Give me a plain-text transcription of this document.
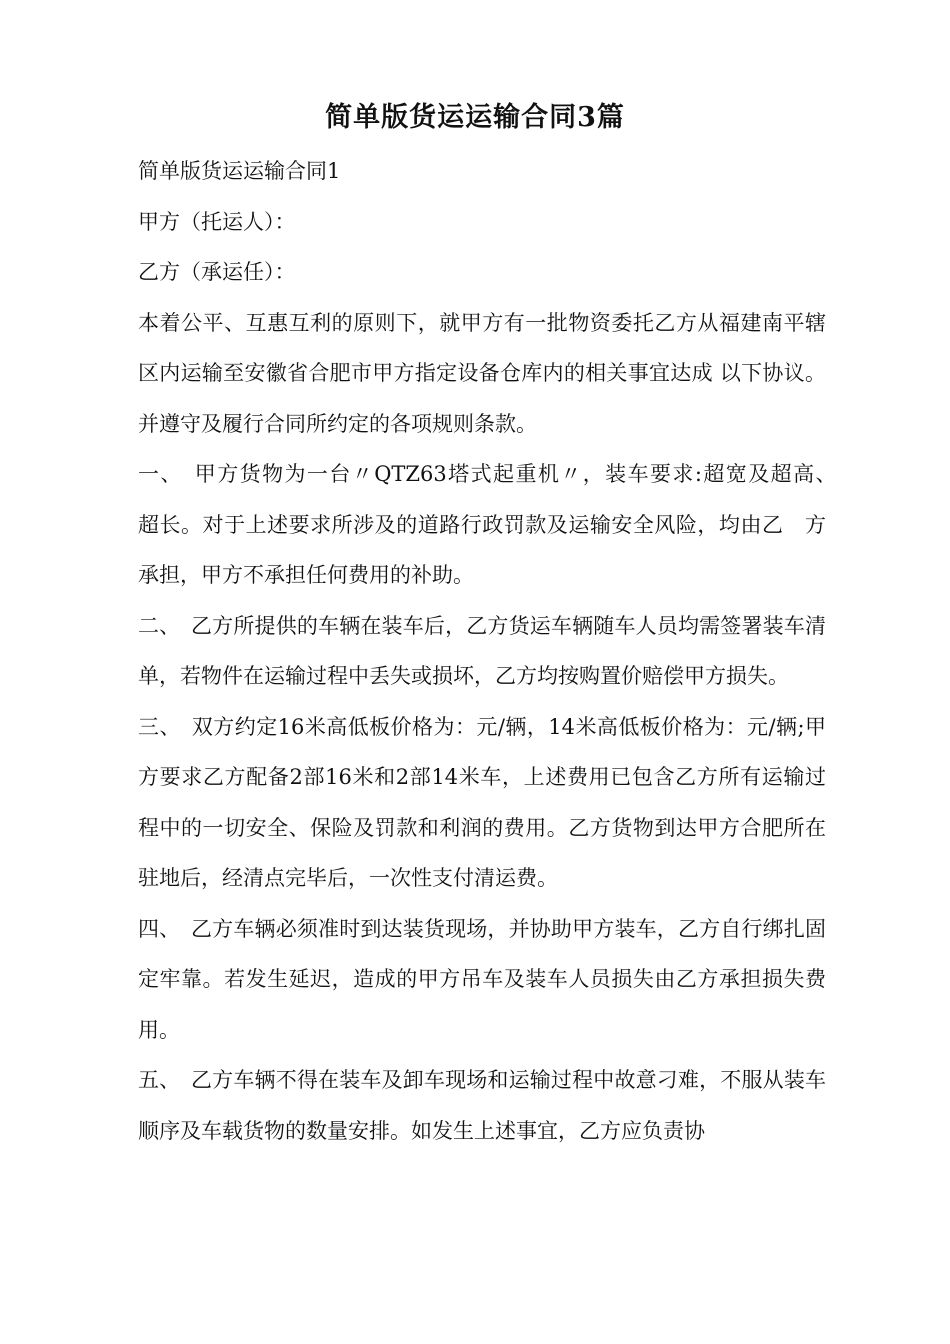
简单版货运运输合同3篇

简单版货运运输合同1

甲方（托运人）：

乙方（承运任）：

本着公平、互惠互利的原则下，就甲方有一批物资委托乙方从福建南平辖区内运输至安徽省合肥市甲方指定设备仓库内的相关事宜达成 以下协议。并遵守及履行合同所约定的各项规则条款。

一、　甲方货物为一台〃QTZ63塔式起重机〃，装车要求:超宽及超高、　超长。对于上述要求所涉及的道路行政罚款及运输安全风险，均由乙　方承担，甲方不承担任何费用的补助。

二、　乙方所提供的车辆在装车后，乙方货运车辆随车人员均需签署装车清单，若物件在运输过程中丢失或损坏，乙方均按购置价赔偿甲方损失。

三、　双方约定16米高低板价格为：元/辆，14米高低板价格为：元/辆;甲方要求乙方配备2部16米和2部14米车，上述费用已包含乙方所有运输过程中的一切安全、保险及罚款和利润的费用。乙方货物到达甲方合肥所在驻地后，经清点完毕后，一次性支付清运费。

四、　乙方车辆必须准时到达装货现场，并协助甲方装车，乙方自行绑扎固定牢靠。若发生延迟，造成的甲方吊车及装车人员损失由乙方承担损失费用。

五、　乙方车辆不得在装车及卸车现场和运输过程中故意刁难，不服从装车顺序及车载货物的数量安排。如发生上述事宜，乙方应负责协
